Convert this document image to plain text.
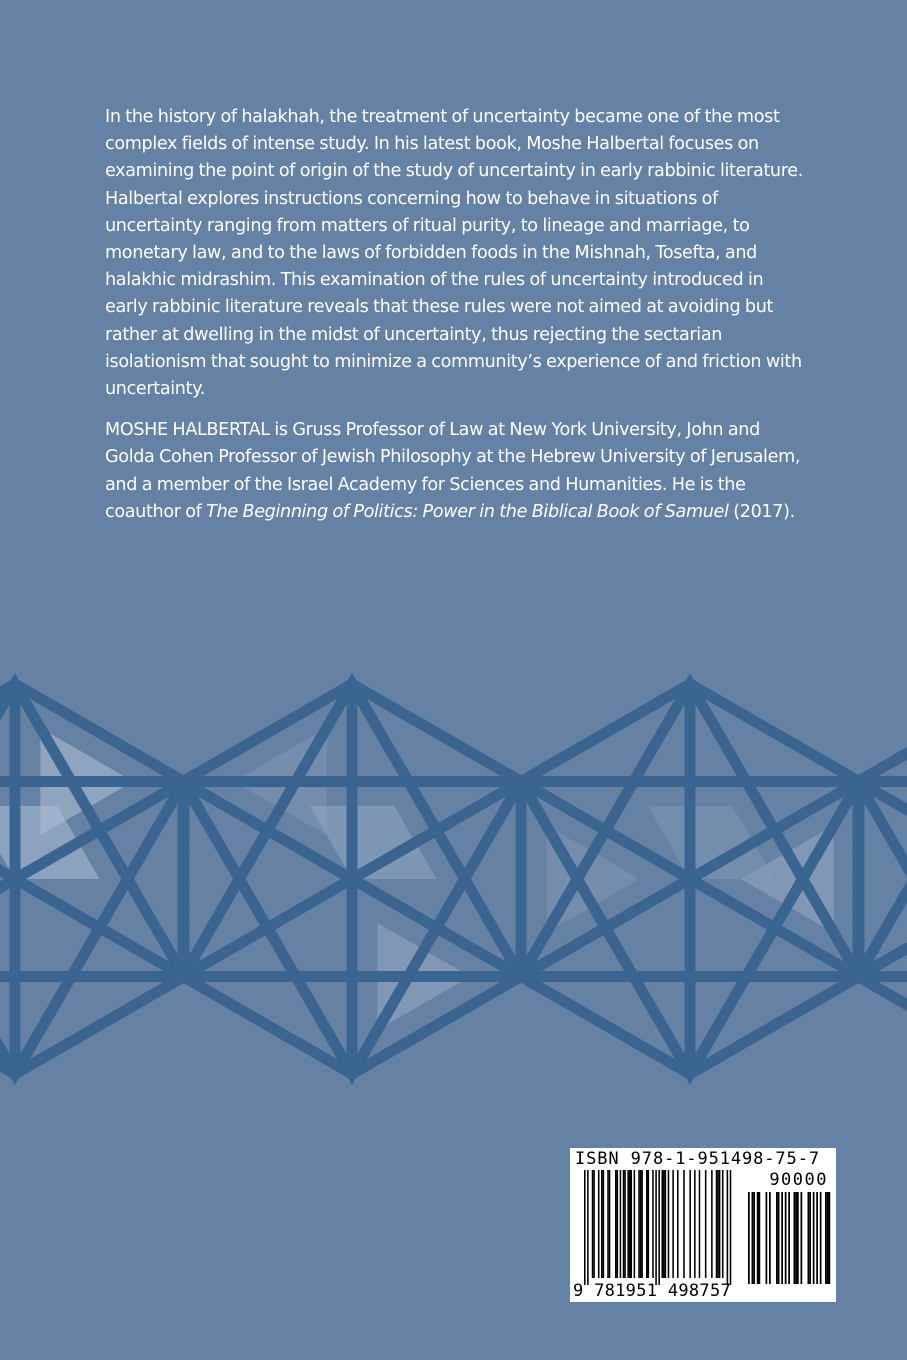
In the history of halakhah, the treatment of uncertainty became one of the most complex fields of intense study. In his latest book, Moshe Halbertal focuses on examining the point of origin of the study of uncertainty in early rabbinic literature. Halbertal explores instructions concerning how to behave in situations of uncertainty ranging from matters of ritual purity, to lineage and marriage, to monetary law, and to the laws of forbidden foods in the Mishnah, Tosefta, and halakhic midrashim. This examination of the rules of uncertainty introduced in early rabbinic literature reveals that these rules were not aimed at avoiding but rather at dwelling in the midst of uncertainty, thus rejecting the sectarian isolationism that sought to minimize a community’s experience of and friction with uncertainty.

MOSHE HALBERTAL is Gruss Professor of Law at New York University, John and Golda Cohen Professor of Jewish Philosophy at the Hebrew University of Jerusalem, and a member of the Israel Academy for Sciences and Humanities. He is the coauthor of The Beginning of Politics: Power in the Biblical Book of Samuel (2017).

ISBN 978-1-951498-75-7
90000
9 781951 498757
